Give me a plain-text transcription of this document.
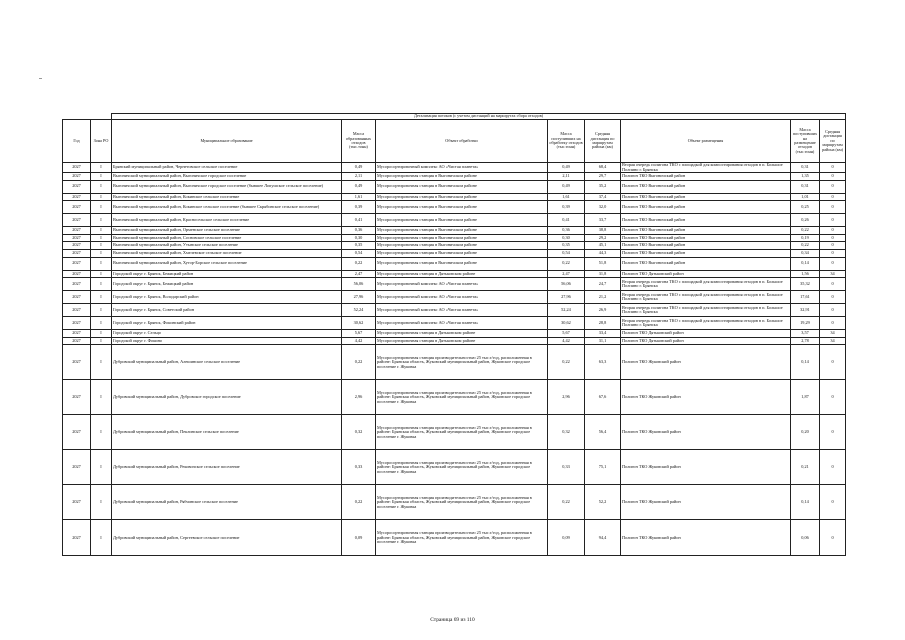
		Детализация потоков (с учетом дистанций на маршрутах сбора отходов)							
Год	Зона РО	Муниципальное образование	Масса образованных отходов (тыс.тонн)	Объект обработки	Масса поступивших на обработку отходов (тыс.тонн)	Средняя дистанция по маршрутам района (км)	Объект размещения	Масса поступивших на размещение отходов (тыс.тонн)	Средняя дистанция по маршрутам района (км)
2027	I	Брянский муниципальный район, Чернетовское сельское поселение	0,49	Мусоросортировочный комплекс АО «Чистая планета»	0,49	68,4	Вторая очередь полигона ТКО с площадкой для компостирования отходов в п. Большое Полпино г. Брянска	0,31	0
2027	I	Выгоничский муниципальный район, Выгоничское городское поселение	2,11	Мусоросортировочная станция в Выгоничском районе	2,11	29,7	Полигон ТКО Выгоничский район	1,35	0
2027	I	Выгоничский муниципальный район, Выгоничское городское поселение (бывшее Лопушское сельское поселение)	0,49	Мусоросортировочная станция в Выгоничском районе	0,49	35,2	Полигон ТКО Выгоничский район	0,31	0
2027	I	Выгоничский муниципальный район, Кокинское сельское поселение	1,61	Мусоросортировочная станция в Выгоничском районе	1,61	37,4	Полигон ТКО Выгоничский район	1,01	0
2027	I	Выгоничский муниципальный район, Кокинское сельское поселение (бывшее Скрябинское сельское поселение)	0,39	Мусоросортировочная станция в Выгоничском районе	0,39	32,0	Полигон ТКО Выгоничский район	0,25	0
2027	I	Выгоничский муниципальный район, Красносельское сельское поселение	0,41	Мусоросортировочная станция в Выгоничском районе	0,41	33,7	Полигон ТКО Выгоничский район	0,26	0
2027	I	Выгоничский муниципальный район, Орменское сельское поселение	0,36	Мусоросортировочная станция в Выгоничском районе	0,36	38,8	Полигон ТКО Выгоничский район	0,22	0
2027	I	Выгоничский муниципальный район, Сосновское сельское поселение	0,30	Мусоросортировочная станция в Выгоничском районе	0,30	29,2	Полигон ТКО Выгоничский район	0,19	0
2027	I	Выгоничский муниципальный район, Утынское сельское поселение	0,35	Мусоросортировочная станция в Выгоничском районе	0,35	45,1	Полигон ТКО Выгоничский район	0,22	0
2027	I	Выгоничский муниципальный район, Хмелевское сельское поселение	0,54	Мусоросортировочная станция в Выгоничском районе	0,54	44,3	Полигон ТКО Выгоничский район	0,34	0
2027	I	Выгоничский муниципальный район, Хутор-Борское сельское поселение	0,22	Мусоросортировочная станция в Выгоничском районе	0,22	51,8	Полигон ТКО Выгоничский район	0,14	0
2027	I	Городской округ г. Брянск, Бежицкий район	2,47	Мусоросортировочная станция в Дятьковском районе	2,47	31,8	Полигон ТКО Дятьковский район	1,56	34
2027	I	Городской округ г. Брянск, Бежицкий район	56,06	Мусоросортировочный комплекс АО «Чистая планета»	56,06	24,7	Вторая очередь полигона ТКО с площадкой для компостирования отходов в п. Большое Полпино г. Брянска	35,32	0
2027	I	Городской округ г. Брянск, Володарский район	27,96	Мусоросортировочный комплекс АО «Чистая планета»	27,96	21,2	Вторая очередь полигона ТКО с площадкой для компостирования отходов в п. Большое Полпино г. Брянска	17,61	0
2027	I	Городской округ г. Брянск, Советский район	52,24	Мусоросортировочный комплекс АО «Чистая планета»	52,24	26,9	Вторая очередь полигона ТКО с площадкой для компостирования отходов в п. Большое Полпино г. Брянска	32,91	0
2027	I	Городской округ г. Брянск, Фокинский район	30,62	Мусоросортировочный комплекс АО «Чистая планета»	30,62	28,8	Вторая очередь полигона ТКО с площадкой для компостирования отходов в п. Большое Полпино г. Брянска	19,29	0
2027	I	Городской округ г. Сельцо	5,67	Мусоросортировочная станция в Дятьковском районе	5,67	33,4	Полигон ТКО Дятьковский район	3,57	34
2027	I	Городской округ г. Фокино	4,42	Мусоросортировочная станция в Дятьковском районе	4,42	31,1	Полигон ТКО Дятьковский район	2,78	34
2027	I	Дубровский муниципальный район, Алешинское сельское поселение	0,22	Мусоросортировочная станция производительностью 25 тыс.т/год, расположенная в районе: Брянская область, Жуковский муниципальный район, Жуковское городское поселение г. Жуковка	0,22	63,3	Полигон ТКО Жуковский район	0,14	0
2027	I	Дубровский муниципальный район, Дубровское городское поселение	2,96	Мусоросортировочная станция производительностью 25 тыс.т/год, расположенная в районе: Брянская область, Жуковский муниципальный район, Жуковское городское поселение г. Жуковка	2,96	67,6	Полигон ТКО Жуковский район	1,87	0
2027	I	Дубровский муниципальный район, Пеклинское сельское поселение	0,32	Мусоросортировочная станция производительностью 25 тыс.т/год, расположенная в районе: Брянская область, Жуковский муниципальный район, Жуковское городское поселение г. Жуковка	0,32	56,4	Полигон ТКО Жуковский район	0,20	0
2027	I	Дубровский муниципальный район, Рековичское сельское поселение	0,33	Мусоросортировочная станция производительностью 25 тыс.т/год, расположенная в районе: Брянская область, Жуковский муниципальный район, Жуковское городское поселение г. Жуковка	0,33	75,1	Полигон ТКО Жуковский район	0,21	0
2027	I	Дубровский муниципальный район, Рябчинское сельское поселение	0,22	Мусоросортировочная станция производительностью 25 тыс.т/год, расположенная в районе: Брянская область, Жуковский муниципальный район, Жуковское городское поселение г. Жуковка	0,22	52,2	Полигон ТКО Жуковский район	0,14	0
2027	I	Дубровский муниципальный район, Сергеевское сельское поселение	0,09	Мусоросортировочная станция производительностью 25 тыс.т/год, расположенная в районе: Брянская область, Жуковский муниципальный район, Жуковское городское поселение г. Жуковка	0,09	94,4	Полигон ТКО Жуковский район	0,06	0
Страница 69 из 110
